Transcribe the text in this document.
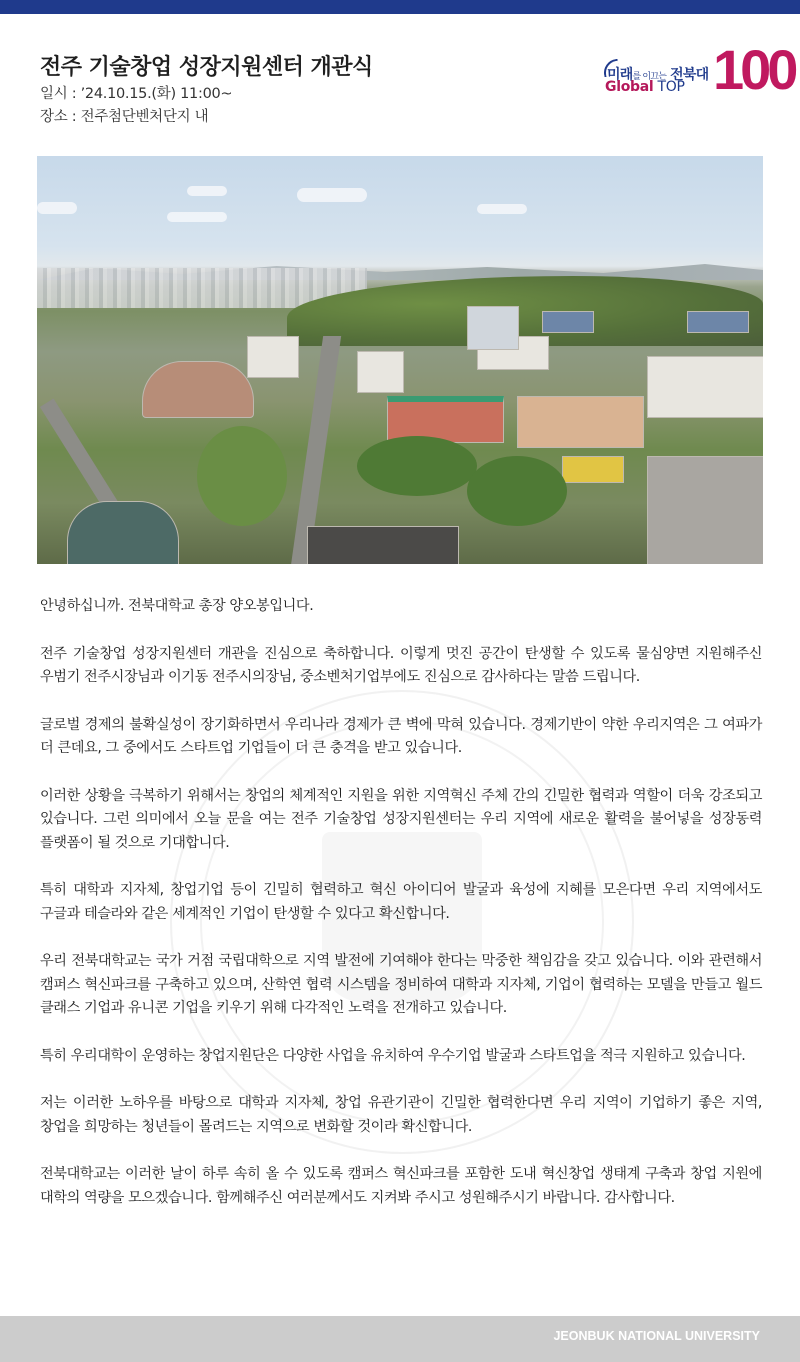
전주 기술창업 성장지원센터 개관식
일시 : ’24.10.15.(화) 11:00~
장소 : 전주첨단벤처단지 내
미래를 이끄는 전북대
Global TOP 100

안녕하십니까. 전북대학교 총장 양오봉입니다.

전주 기술창업 성장지원센터 개관을 진심으로 축하합니다. 이렇게 멋진 공간이 탄생할 수 있도록 물심양면 지원해주신 우범기 전주시장님과 이기동 전주시의장님, 중소벤처기업부에도 진심으로 감사하다는 말씀 드립니다.

글로벌 경제의 불확실성이 장기화하면서 우리나라 경제가 큰 벽에 막혀 있습니다. 경제기반이 약한 우리지역은 그 여파가 더 큰데요, 그 중에서도 스타트업 기업들이 더 큰 충격을 받고 있습니다.

이러한 상황을 극복하기 위해서는 창업의 체계적인 지원을 위한 지역혁신 주체 간의 긴밀한 협력과 역할이 더욱 강조되고 있습니다. 그런 의미에서 오늘 문을 여는 전주 기술창업 성장지원센터는 우리 지역에 새로운 활력을 불어넣을 성장동력 플랫폼이 될 것으로 기대합니다.

특히 대학과 지자체, 창업기업 등이 긴밀히 협력하고 혁신 아이디어 발굴과 육성에 지혜를 모은다면 우리 지역에서도 구글과 테슬라와 같은 세계적인 기업이 탄생할 수 있다고 확신합니다.

우리 전북대학교는 국가 거점 국립대학으로 지역 발전에 기여해야 한다는 막중한 책임감을 갖고 있습니다. 이와 관련해서 캠퍼스 혁신파크를 구축하고 있으며, 산학연 협력 시스템을 정비하여 대학과 지자체, 기업이 협력하는 모델을 만들고 월드 클래스 기업과 유니콘 기업을 키우기 위해 다각적인 노력을 전개하고 있습니다.

특히 우리대학이 운영하는 창업지원단은 다양한 사업을 유치하여 우수기업 발굴과 스타트업을 적극 지원하고 있습니다.

저는 이러한 노하우를 바탕으로 대학과 지자체, 창업 유관기관이 긴밀한 협력한다면 우리 지역이 기업하기 좋은 지역, 창업을 희망하는 청년들이 몰려드는 지역으로 변화할 것이라 확신합니다.

전북대학교는 이러한 날이 하루 속히 올 수 있도록 캠퍼스 혁신파크를 포함한 도내 혁신창업 생태계 구축과 창업 지원에 대학의 역량을 모으겠습니다. 함께해주신 여러분께서도 지켜봐 주시고 성원해주시기 바랍니다. 감사합니다.

JEONBUK NATIONAL UNIVERSITY
